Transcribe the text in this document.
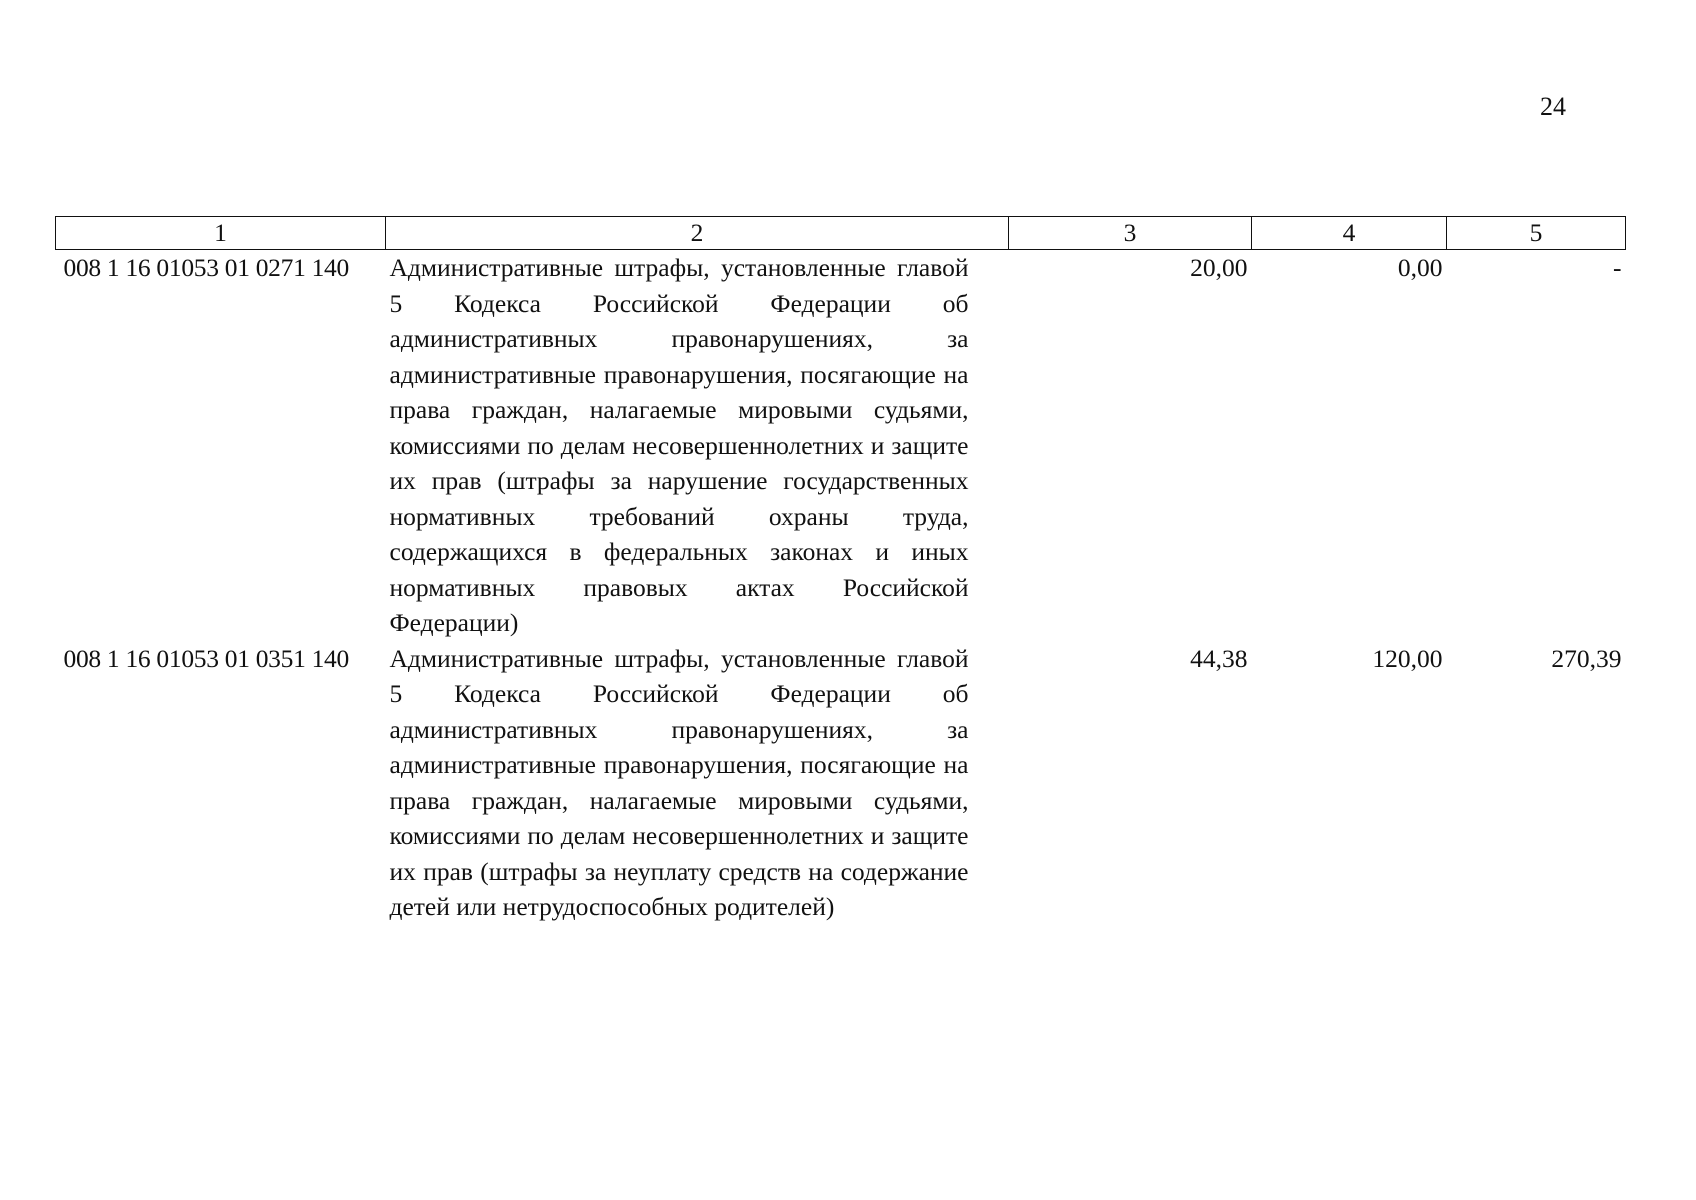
24
1	2	3	4	5
008 1 16 01053 01 0271 140	Административные штрафы, установленные главой 5 Кодекса Российской Федерации об административных правонарушениях, за административные правонарушения, посягающие на права граждан, налагаемые мировыми судьями, комиссиями по делам несовершеннолетних и защите их прав (штрафы за нарушение государственных нормативных требований охраны труда, содержащихся в федеральных законах и иных нормативных правовых актах Российской Федерации)	20,00	0,00	-
008 1 16 01053 01 0351 140	Административные штрафы, установленные главой 5 Кодекса Российской Федерации об административных правонарушениях, за административные правонарушения, посягающие на права граждан, налагаемые мировыми судьями, комиссиями по делам несовершеннолетних и защите их прав (штрафы за неуплату средств на содержание детей или нетрудоспособных родителей)	44,38	120,00	270,39
